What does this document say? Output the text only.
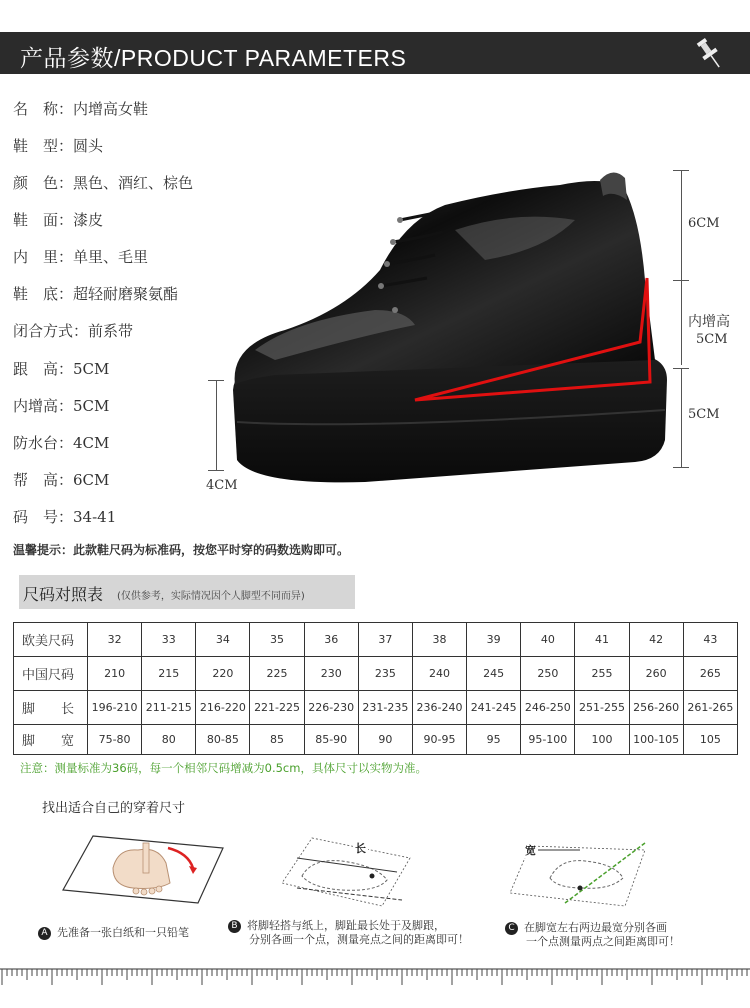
产品参数/PRODUCT PARAMETERS
名　称：内增高女鞋
鞋　型：圆头
颜　色：黑色、酒红、棕色
鞋　面：漆皮
内　里：单里、毛里
鞋　底：超轻耐磨聚氨酯
闭合方式：前系带
跟　高：5CM
内增高：5CM
防水台：4CM
帮　高：6CM
码　号：34-41
6CM
内增高
5CM
5CM
4CM
温馨提示：此款鞋尺码为标准码，按您平时穿的码数选购即可。
尺码对照表 (仅供参考，实际情况因个人脚型不同而异)
欧美尺码	32	33	34	35	36	37	38	39	40	41	42	43
中国尺码	210	215	220	225	230	235	240	245	250	255	260	265
脚　　长	196-210	211-215	216-220	221-225	226-230	231-235	236-240	241-245	246-250	251-255	256-260	261-265
脚　　宽	75-80	80	80-85	85	85-90	90	90-95	95	95-100	100	100-105	105
注意：测量标准为36码，每一个相邻尺码增减为0.5cm，具体尺寸以实物为准。
找出适合自己的穿着尺寸
长	宽
A 先准备一张白纸和一只铅笔
B 将脚轻搭与纸上，脚趾最长处于及脚跟，
分别各画一个点，测量亮点之间的距离即可！
C 在脚宽左右两边最宽分别各画
一个点测量两点之间距离即可！
